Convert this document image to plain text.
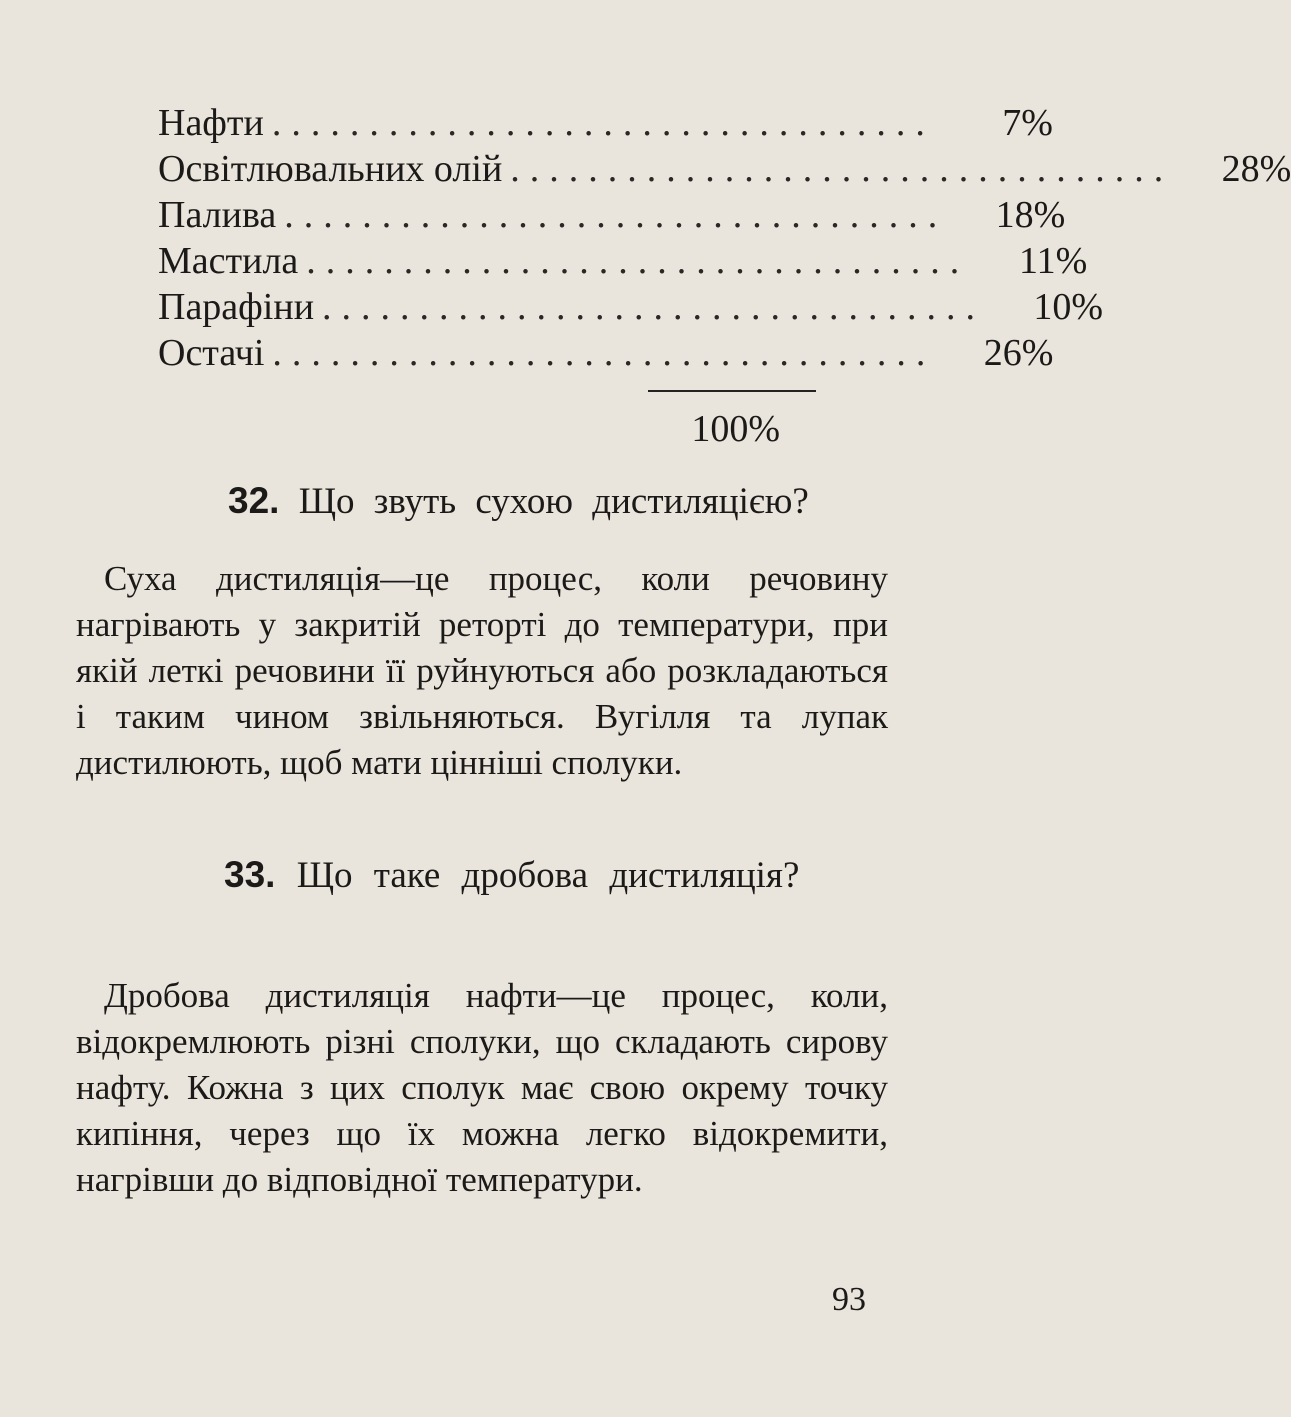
Нафти ..................................	7%
Освітлювальних олій ..................................	28%
Палива ..................................	18%
Мастила ..................................	11%
Парафіни ..................................	10%
Остачі ..................................	26%
100%
32. Що звуть сухою дистиляцією?
Суха дистиляція—це процес, коли речовину нагрівають у закритій реторті до температури, при якій леткі речовини її руйнуються або розкладаються і таким чином звільняються. Вугілля та лупак дистилюють, щоб мати цінніші сполуки.
33. Що таке дробова дистиляція?
Дробова дистиляція нафти—це процес, коли, відокремлюють різні сполуки, що складають сирову нафту. Кожна з цих сполук має свою окрему точку кипіння, через що їх можна легко відокремити, нагрівши до відповідної температури.
93
